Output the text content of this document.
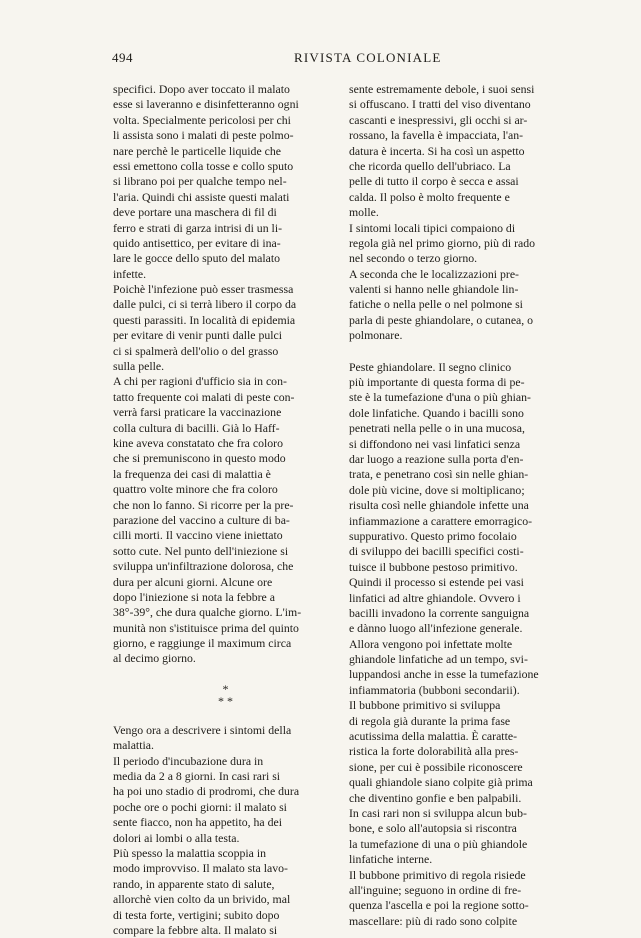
494	RIVISTA COLONIALE
specifici. Dopo aver toccato il malato
esse si laveranno e disinfetteranno ogni
volta. Specialmente pericolosi per chi
li assista sono i malati di peste polmo-
nare perchè le particelle liquide che
essi emettono colla tosse e collo sputo
si librano poi per qualche tempo nel-
l'aria. Quindi chi assiste questi malati
deve portare una maschera di fil di
ferro e strati di garza intrisi di un li-
quido antisettico, per evitare di ina-
lare le gocce dello sputo del malato
infette.
Poichè l'infezione può esser trasmessa
dalle pulci, ci si terrà libero il corpo da
questi parassiti. In località di epidemia
per evitare di venir punti dalle pulci
ci si spalmerà dell'olio o del grasso
sulla pelle.
A chi per ragioni d'ufficio sia in con-
tatto frequente coi malati di peste con-
verrà farsi praticare la vaccinazione
colla cultura di bacilli. Già lo Haff-
kine aveva constatato che fra coloro
che si premuniscono in questo modo
la frequenza dei casi di malattia è
quattro volte minore che fra coloro
che non lo fanno. Si ricorre per la pre-
parazione del vaccino a culture di ba-
cilli morti. Il vaccino viene iniettato
sotto cute. Nel punto dell'iniezione si
sviluppa un'infiltrazione dolorosa, che
dura per alcuni giorni. Alcune ore
dopo l'iniezione si nota la febbre a
38°-39°, che dura qualche giorno. L'im-
munità non s'istituisce prima del quinto
giorno, e raggiunge il maximum circa
al decimo giorno.
*
* *
Vengo ora a descrivere i sintomi della
malattia.
Il periodo d'incubazione dura in
media da 2 a 8 giorni. In casi rari si
ha poi uno stadio di prodromi, che dura
poche ore o pochi giorni: il malato si
sente fiacco, non ha appetito, ha dei
dolori ai lombi o alla testa.
Più spesso la malattia scoppia in
modo improvviso. Il malato sta lavo-
rando, in apparente stato di salute,
allorchè vien colto da un brivido, mal
di testa forte, vertigini; subito dopo
compare la febbre alta. Il malato si
sente estremamente debole, i suoi sensi
si offuscano. I tratti del viso diventano
cascanti e inespressivi, gli occhi si ar-
rossano, la favella è impacciata, l'an-
datura è incerta. Si ha così un aspetto
che ricorda quello dell'ubriaco. La
pelle di tutto il corpo è secca e assai
calda. Il polso è molto frequente e
molle.
I sintomi locali tipici compaiono di
regola già nel primo giorno, più di rado
nel secondo o terzo giorno.
A seconda che le localizzazioni pre-
valenti si hanno nelle ghiandole lin-
fatiche o nella pelle o nel polmone si
parla di peste ghiandolare, o cutanea, o
polmonare.
Peste ghiandolare. Il segno clinico
più importante di questa forma di pe-
ste è la tumefazione d'una o più ghian-
dole linfatiche. Quando i bacilli sono
penetrati nella pelle o in una mucosa,
si diffondono nei vasi linfatici senza
dar luogo a reazione sulla porta d'en-
trata, e penetrano così sin nelle ghian-
dole più vicine, dove si moltiplicano;
risulta così nelle ghiandole infette una
infiammazione a carattere emorragico-
suppurativo. Questo primo focolaio
di sviluppo dei bacilli specifici costi-
tuisce il bubbone pestoso primitivo.
Quindi il processo si estende pei vasi
linfatici ad altre ghiandole. Ovvero i
bacilli invadono la corrente sanguigna
e dànno luogo all'infezione generale.
Allora vengono poi infettate molte
ghiandole linfatiche ad un tempo, svi-
luppandosi anche in esse la tumefazione
infiammatoria (bubboni secondarii).
Il bubbone primitivo si sviluppa
di regola già durante la prima fase
acutissima della malattia. È caratte-
ristica la forte dolorabilità alla pres-
sione, per cui è possibile riconoscere
quali ghiandole siano colpite già prima
che diventino gonfie e ben palpabili.
In casi rari non si sviluppa alcun bub-
bone, e solo all'autopsia si riscontra
la tumefazione di una o più ghiandole
linfatiche interne.
Il bubbone primitivo di regola risiede
all'inguine; seguono in ordine di fre-
quenza l'ascella e poi la regione sotto-
mascellare: più di rado sono colpite
